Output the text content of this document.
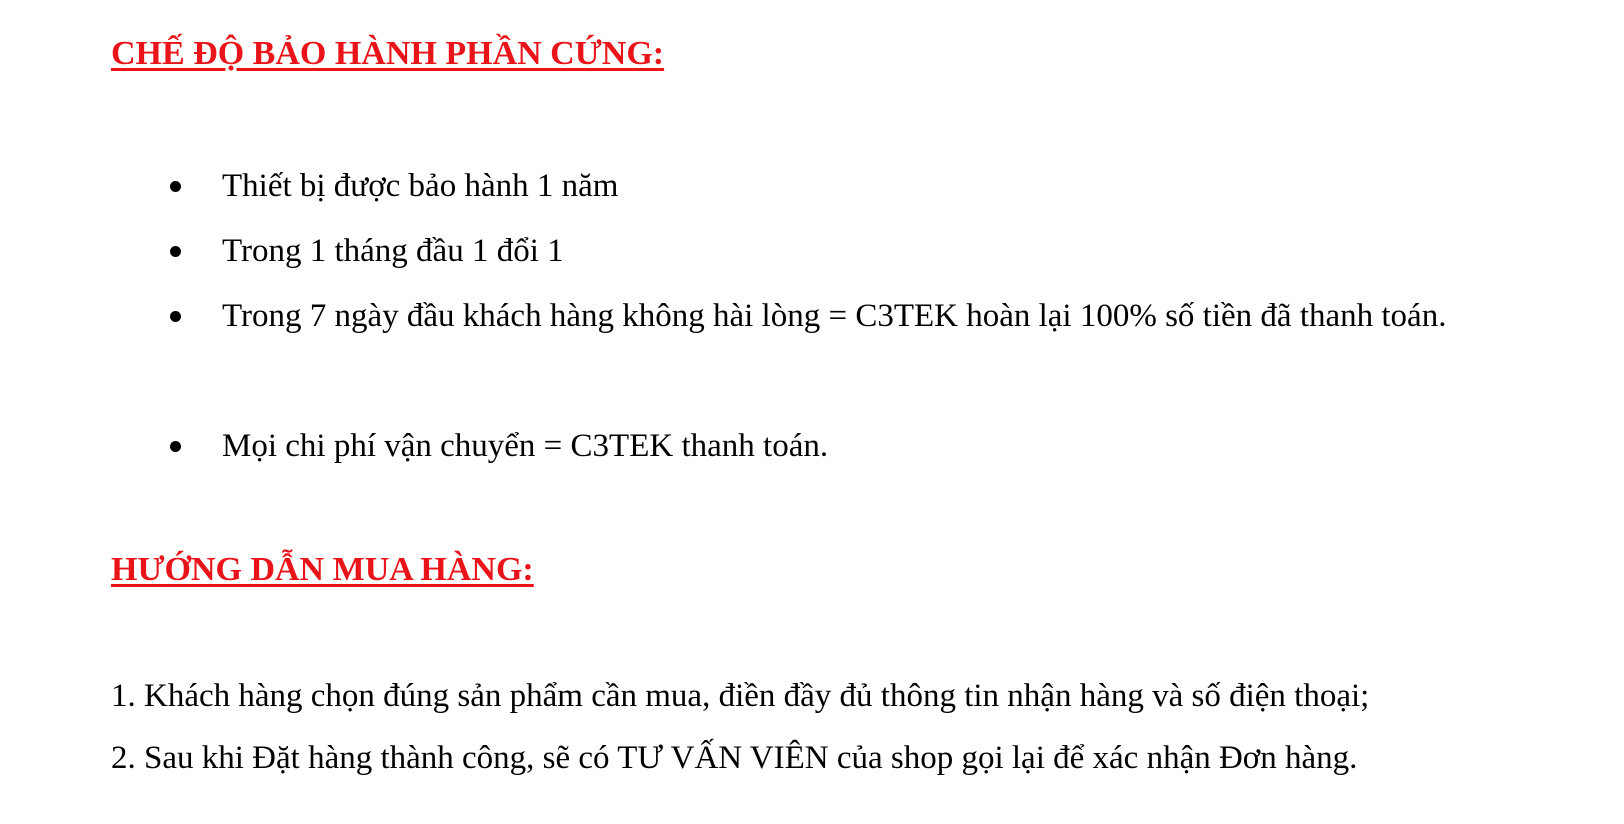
CHẾ ĐỘ BẢO HÀNH PHẦN CỨNG:
Thiết bị được bảo hành 1 năm
Trong 1 tháng đầu 1 đổi 1
Trong 7 ngày đầu khách hàng không hài lòng = C3TEK hoàn lại 100% số tiền đã thanh toán.
Mọi chi phí vận chuyển = C3TEK thanh toán.
HƯỚNG DẪN MUA HÀNG:
1. Khách hàng chọn đúng sản phẩm cần mua, điền đầy đủ thông tin nhận hàng và số điện thoại;
2. Sau khi Đặt hàng thành công, sẽ có TƯ VẤN VIÊN của shop gọi lại để xác nhận Đơn hàng.
